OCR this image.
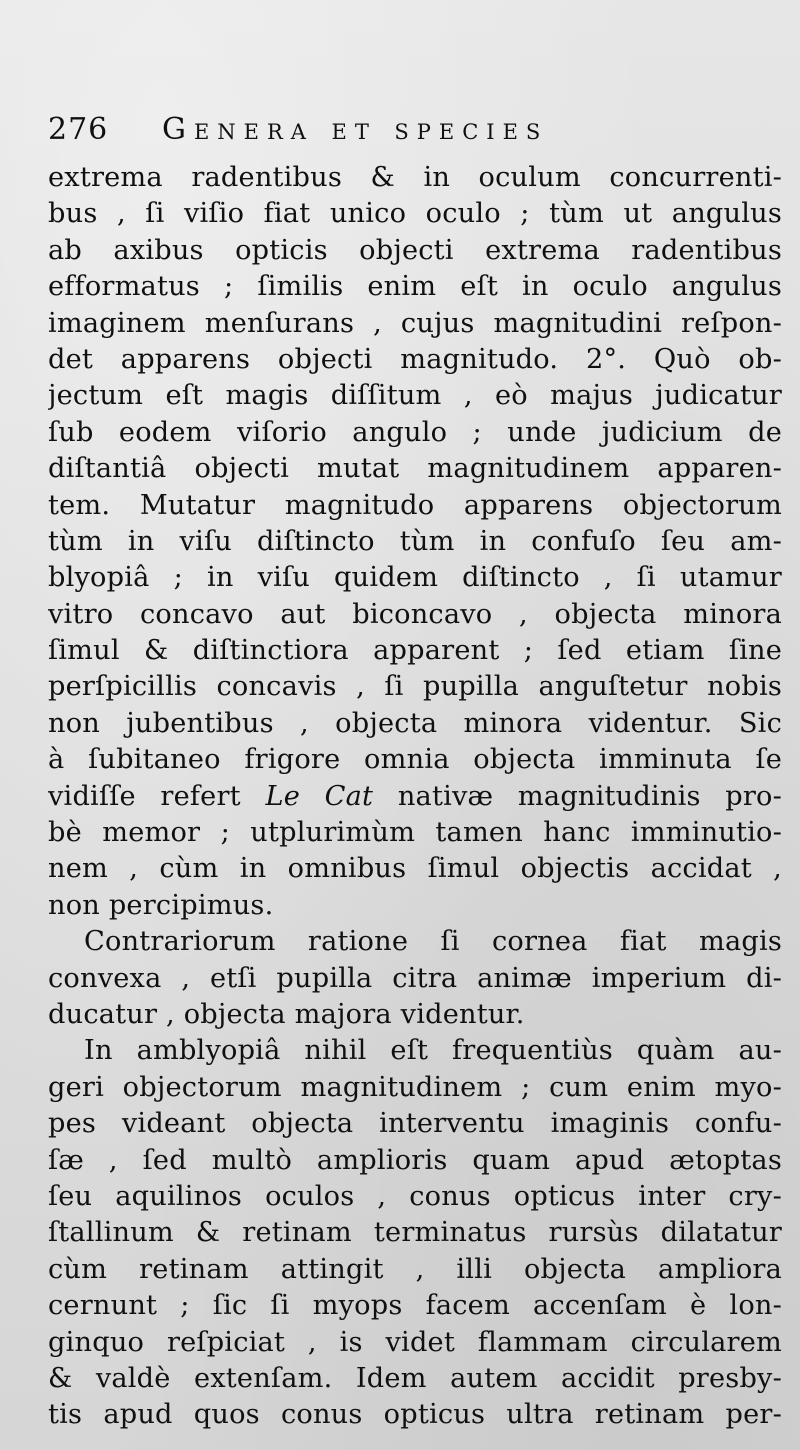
276	Genera et species
extrema radentibus & in oculum concurrenti-
bus , ſi viſio fiat unico oculo ; tùm ut angulus
ab axibus opticis objecti extrema radentibus
efformatus ; ſimilis enim eſt in oculo angulus
imaginem menſurans , cujus magnitudini reſpon-
det apparens objecti magnitudo. 2°. Quò ob-
jectum eſt magis diſſitum , eò majus judicatur
ſub eodem viſorio angulo ; unde judicium de
diſtantiâ objecti mutat magnitudinem apparen-
tem. Mutatur magnitudo apparens objectorum
tùm in viſu diſtincto tùm in confuſo ſeu am-
blyopiâ ; in viſu quidem diſtincto , ſi utamur
vitro concavo aut biconcavo , objecta minora
ſimul & diſtinctiora apparent ; ſed etiam ſine
perſpicillis concavis , ſi pupilla anguſtetur nobis
non jubentibus , objecta minora videntur. Sic
à ſubitaneo frigore omnia objecta imminuta ſe
vidiſſe refert Le Cat nativæ magnitudinis pro-
bè memor ; utplurimùm tamen hanc imminutio-
nem , cùm in omnibus ſimul objectis accidat ,
non percipimus.
Contrariorum ratione ſi cornea fiat magis
convexa , etſi pupilla citra animæ imperium di-
ducatur , objecta majora videntur.
In amblyopiâ nihil eſt frequentiùs quàm au-
geri objectorum magnitudinem ; cum enim myo-
pes videant objecta interventu imaginis confu-
ſæ , ſed multò amplioris quam apud ætoptas
ſeu aquilinos oculos , conus opticus inter cry-
ſtallinum & retinam terminatus rursùs dilatatur
cùm retinam attingit , illi objecta ampliora
cernunt ; ſic ſi myops facem accenſam è lon-
ginquo reſpiciat , is videt flammam circularem
& valdè extenſam. Idem autem accidit presby-
tis apud quos conus opticus ultra retinam per-
